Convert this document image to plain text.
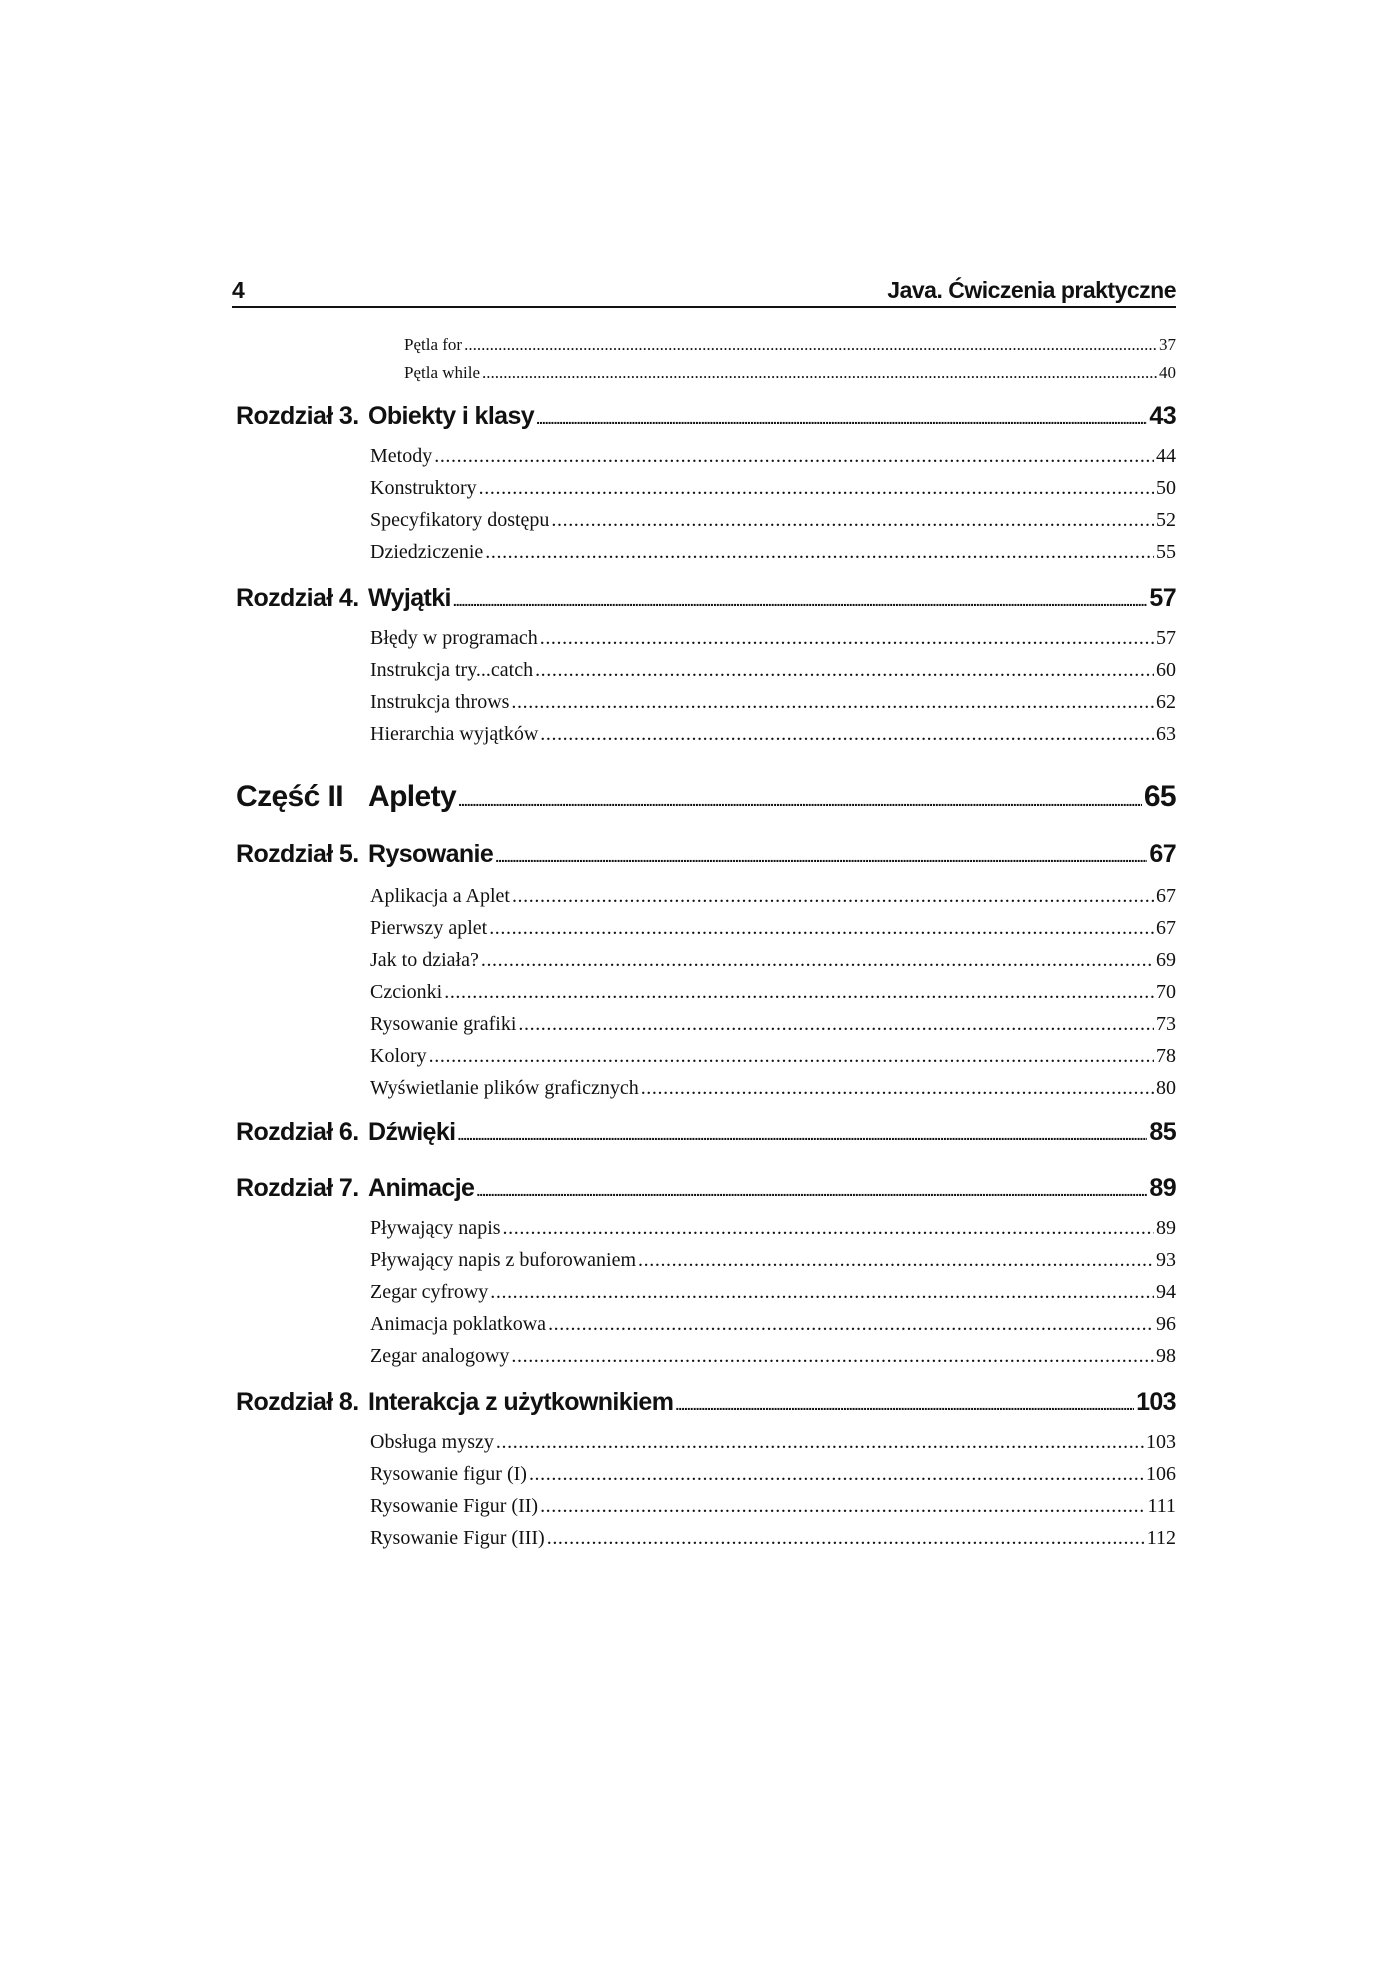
4	Java. Ćwiczenia praktyczne
Pętla for .....	37
Pętla while .....	40
Rozdział 3. Obiekty i klasy .....	43
Metody .....	44
Konstruktory .....	50
Specyfikatory dostępu .....	52
Dziedziczenie .....	55
Rozdział 4. Wyjątki .....	57
Błędy w programach .....	57
Instrukcja try...catch .....	60
Instrukcja throws .....	62
Hierarchia wyjątków .....	63
Część II Aplety .....	65
Rozdział 5. Rysowanie .....	67
Aplikacja a Aplet .....	67
Pierwszy aplet .....	67
Jak to działa? .....	69
Czcionki .....	70
Rysowanie grafiki .....	73
Kolory .....	78
Wyświetlanie plików graficznych .....	80
Rozdział 6. Dźwięki .....	85
Rozdział 7. Animacje .....	89
Pływający napis .....	89
Pływający napis z buforowaniem .....	93
Zegar cyfrowy .....	94
Animacja poklatkowa .....	96
Zegar analogowy .....	98
Rozdział 8. Interakcja z użytkownikiem .....	103
Obsługa myszy .....	103
Rysowanie figur (I) .....	106
Rysowanie Figur (II) .....	111
Rysowanie Figur (III) .....	112
